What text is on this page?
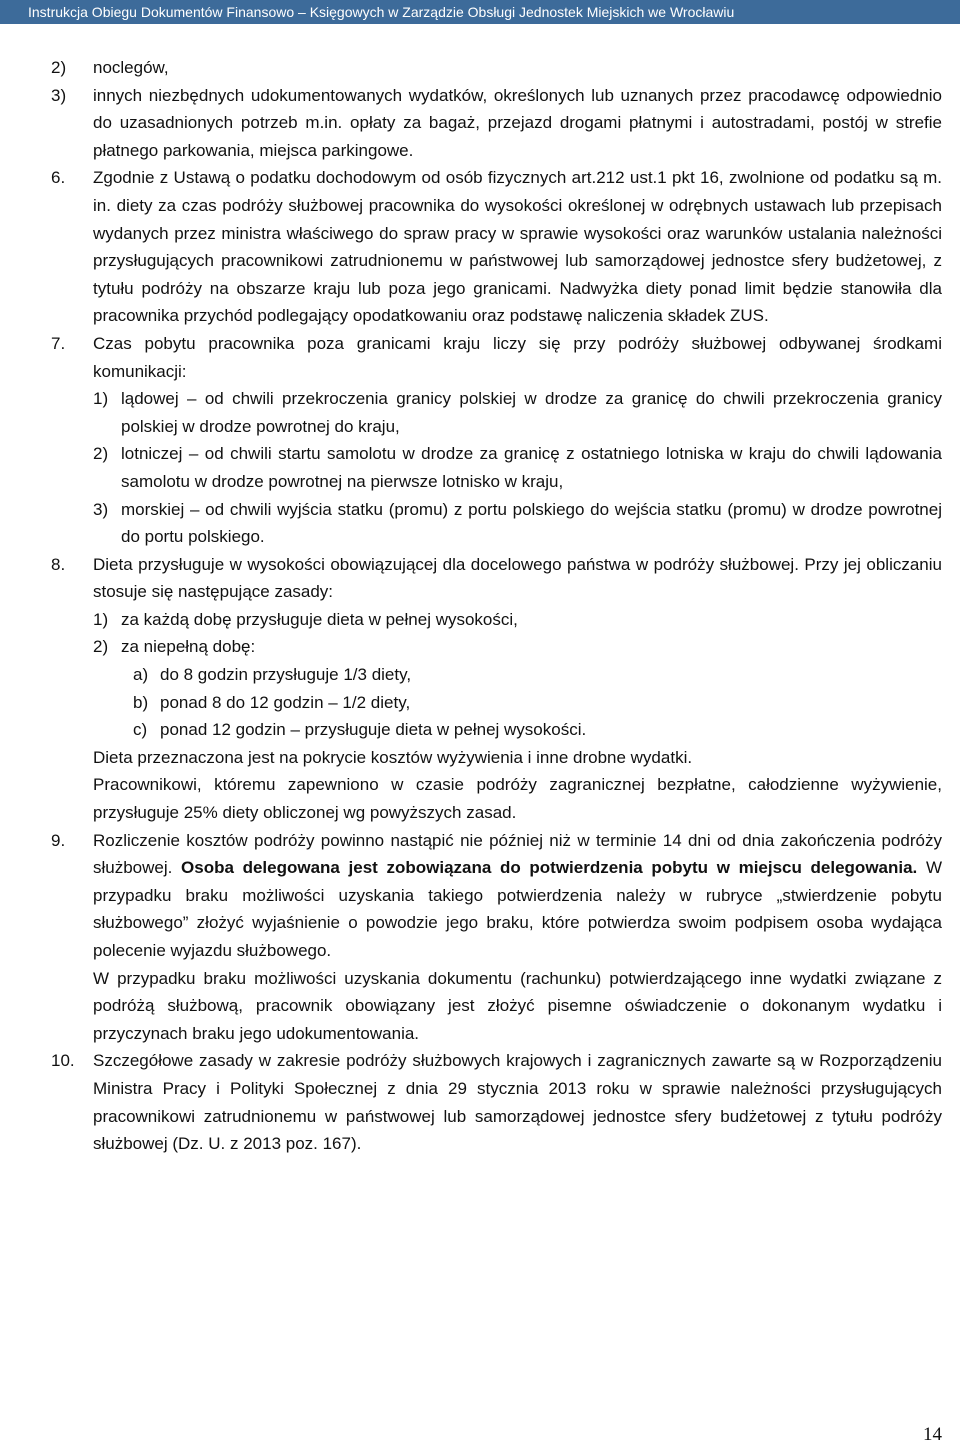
Instrukcja Obiegu Dokumentów Finansowo – Księgowych w Zarządzie Obsługi Jednostek Miejskich we Wrocławiu
2) noclegów,
3) innych niezbędnych udokumentowanych wydatków, określonych lub uznanych przez pracodawcę odpowiednio do uzasadnionych potrzeb m.in. opłaty za bagaż, przejazd drogami płatnymi i autostradami, postój w strefie płatnego parkowania, miejsca parkingowe.
6. Zgodnie z Ustawą o podatku dochodowym od osób fizycznych art.212 ust.1 pkt 16, zwolnione od podatku są m. in. diety za czas podróży służbowej pracownika do wysokości określonej w odrębnych ustawach lub przepisach wydanych przez ministra właściwego do spraw pracy w sprawie wysokości oraz warunków ustalania należności przysługujących pracownikowi zatrudnionemu w państwowej lub samorządowej jednostce sfery budżetowej, z tytułu podróży na obszarze kraju lub poza jego granicami. Nadwyżka diety ponad limit będzie stanowiła dla pracownika przychód podlegający opodatkowaniu oraz podstawę naliczenia składek ZUS.
7. Czas pobytu pracownika poza granicami kraju liczy się przy podróży służbowej odbywanej środkami komunikacji:
1) lądowej – od chwili przekroczenia granicy polskiej w drodze za granicę do chwili przekroczenia granicy polskiej w drodze powrotnej do kraju,
2) lotniczej – od chwili startu samolotu w drodze za granicę z ostatniego lotniska w kraju do chwili lądowania samolotu w drodze powrotnej na pierwsze lotnisko w kraju,
3) morskiej – od chwili wyjścia statku (promu) z portu polskiego do wejścia statku (promu) w drodze powrotnej do portu polskiego.
8. Dieta przysługuje w wysokości obowiązującej dla docelowego państwa w podróży służbowej. Przy jej obliczaniu stosuje się następujące zasady:
1) za każdą dobę przysługuje dieta w pełnej wysokości,
2) za niepełną dobę:
a) do 8 godzin przysługuje 1/3 diety,
b) ponad 8 do 12 godzin – 1/2 diety,
c) ponad 12 godzin – przysługuje dieta w pełnej wysokości.
Dieta przeznaczona jest na pokrycie kosztów wyżywienia i inne drobne wydatki.
Pracownikowi, któremu zapewniono w czasie podróży zagranicznej bezpłatne, całodzienne wyżywienie, przysługuje 25% diety obliczonej wg powyższych zasad.
9. Rozliczenie kosztów podróży powinno nastąpić nie później niż w terminie 14 dni od dnia zakończenia podróży służbowej. Osoba delegowana jest zobowiązana do potwierdzenia pobytu w miejscu delegowania. W przypadku braku możliwości uzyskania takiego potwierdzenia należy w rubryce „stwierdzenie pobytu służbowego” złożyć wyjaśnienie o powodzie jego braku, które potwierdza swoim podpisem osoba wydająca polecenie wyjazdu służbowego.
W przypadku braku możliwości uzyskania dokumentu (rachunku) potwierdzającego inne wydatki związane z podróżą służbową, pracownik obowiązany jest złożyć pisemne oświadczenie o dokonanym wydatku i przyczynach braku jego udokumentowania.
10. Szczegółowe zasady w zakresie podróży służbowych krajowych i zagranicznych zawarte są w Rozporządzeniu Ministra Pracy i Polityki Społecznej z dnia 29 stycznia 2013 roku w sprawie należności przysługujących pracownikowi zatrudnionemu w państwowej lub samorządowej jednostce sfery budżetowej z tytułu podróży służbowej (Dz. U. z 2013 poz. 167).
14
